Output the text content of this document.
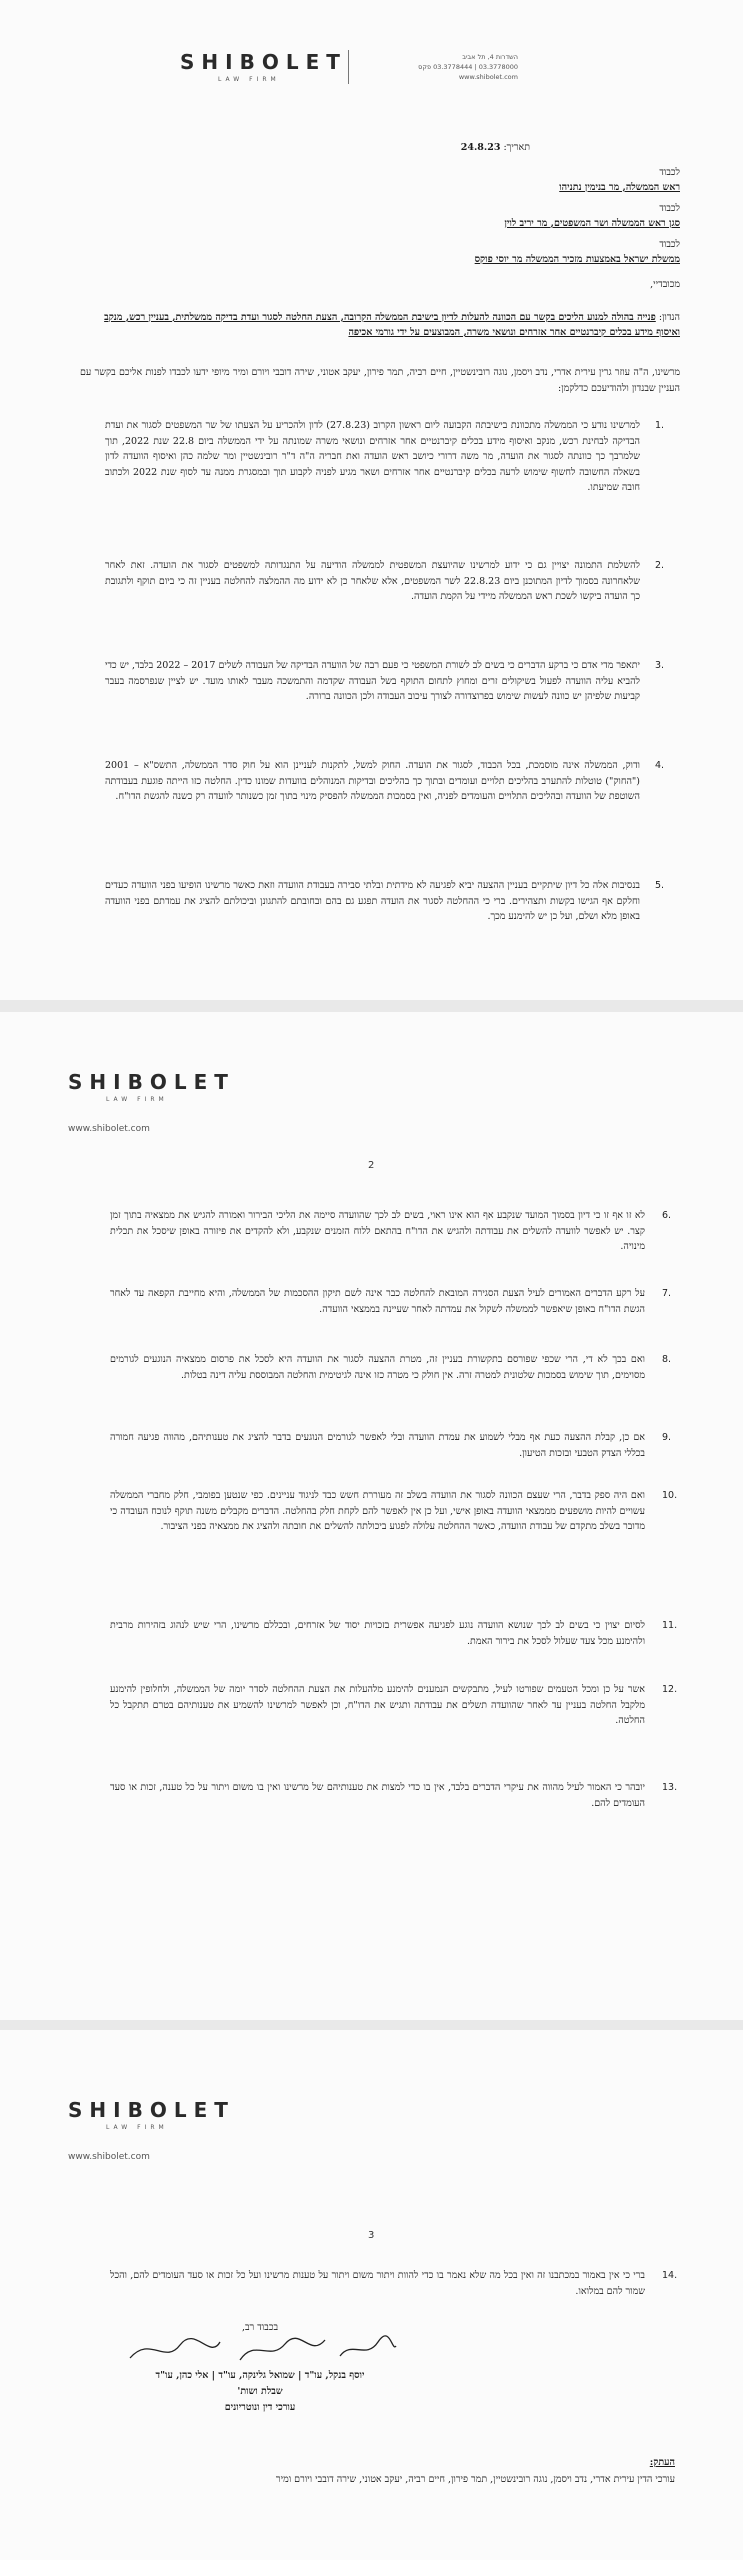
SHIBOLET
LAW FIRM
השדרות 4, תל אביב
03.3778000 | 03.3778444 פקס
www.shibolet.com
תאריך: 24.8.23
לכבוד
ראש הממשלה, מר בנימין נתניהו
לכבוד
סגן ראש הממשלה ושר המשפטים, מר יריב לוין
לכבוד
ממשלת ישראל באמצעות מזכיר הממשלה מר יוסי פוקס
מכובדיי,
הנדון: פנייה בהולה למנוע הליכים בקשר עם הכוונה להעלות לדיון בישיבת הממשלה הקרובה, הצעת החלטה לסגור ועדת בדיקה ממשלתית, בעניין רכש, מנקב ואיסוף מידע בכלים קיברנטיים אחר אזרחים ונושאי משרה, המבוצעים על ידי גורמי אכיפה
מרשינו, ה"ה עוזר גרין עירית אדרי, נדב ויסמן, נוגה רובינשטיין, חיים רביה, תמר פירון, יעקב אטוני, שירה דובבי ויורם ומיר מיופי ידעו לכבדו לפנות אליכם בקשר עם העניין שבנדון ולהודיעכם כדלקמן:
1.
למרשינו נודע כי הממשלה מתכוונת בישיבתה הקבועה ליום ראשון הקרוב (27.8.23) לדון ולהכריע על הצעתו של שר המשפטים לסגור את ועדת הבדיקה לבחינת רכש, מנקב ואיסוף מידע בכלים קיברנטיים אחר אזרחים ונושאי משרה שמונתה על ידי הממשלה ביום 22.8 שנת 2022, תוך שלמרבך כך כוונתה לסגור את הועדה, מר משה דרורי כיושב ראש הועדה ואת חבריה ה"ה ד"ר רובינשטיין ומר שלמה כהן ואיסוף הוועדה לדון בשאלה החשובה לחשוף שימוש לרעה בכלים קיברנטיים אחר אזרחים ושאר מגיע לפניה לקבוע תוך ובמסגרת ממנה עד לסוף שנת 2022 ולכתוב חובה שמיעתו.
2.
להשלמת התמונה יצויין גם כי ידוע למרשינו שהיועצת המשפטית לממשלה הודיעה על התנגדותה למשפטים לסגור את הועדה. זאת לאחר שלאחרונה בסמוך לדיון המתוכנן ביום 22.8.23 לשר המשפטים, אלא שלאחר כן לא ידוע מה ההמלצה להחלטה בעניין זה כי ביום תוקף ולתגובת כך הועדה ביקשו לשכת ראש הממשלה מיידי על הקמת הועדה.
3.
יתאפר מדי אדם כי ברקע הדברים כי בשים לב לשורת המשפטי כי פעם רבה של הוועדה הבדיקה של העבודה לשלים 2017 – 2022 בלבד, יש כדי להביא עליה הוועדה לפעול בשיקולים זרים ומחוץ לתחום התוקף בשל העבודה שקדמה והתמשכה מעבר לאותו מועד. יש לציין שנפרסמה בעבר קביעות שלפיהן יש כוונה לעשות שימוש בפרוצדורה לצורך עיכוב העבודה ולכן הכוונה ברורה.
4.
ודוק, הממשלה אינה מוסמכת, בכל הכבוד, לסגור את הועדה. החוק למשל, לתקנות לעניינן הוא על חוק סדר הממשלה, התשס"א – 2001 ("החוק") טוטלות להתערב בהליכים תלויים ועומדים ובתוך כך בהליכים ובדיקות המנוהלים בוועדות שמונו כדין. החלטה כזו הייתה פוגעת בעבודתה השוטפת של הוועדה ובהליכים התלויים והעומדים לפניה, ואין בסמכות הממשלה להפסיק מינוי בתוך זמן כשנותר לוועדה רק כשנה להגשת הדו"ח.
5.
בנסיבות אלה כל דיון שיתקיים בעניין ההצעה יביא לפגיעה לא מידתית ובלתי סבירה בעבודת הוועדה וזאת כאשר מרשינו הופיעו בפני הוועדה כעדים וחלקם אף הגישו בקשות ותצהירים. ברי כי ההחלטה לסגור את הועדה תפגע גם בהם ובחובתם להתגונן וביכולתם להציג את עמדתם בפני הוועדה באופן מלא ושלם, ועל כן יש להימנע מכך.
SHIBOLET
LAW FIRM
www.shibolet.com
2
6.
לא זו אף זו כי דיון בסמוך המועד שנקבע אף הוא אינו ראוי, בשים לב לכך שהוועדה סיימה את הליכי הבירור ואמורה להגיש את ממצאיה בתוך זמן קצר. יש לאפשר לוועדה להשלים את עבודתה ולהגיש את הדו"ח בהתאם ללוח הזמנים שנקבע, ולא להקדים את פיזורה באופן שיסכל את תכלית מינויה.
7.
על רקע הדברים האמורים לעיל הצעת הסגירה המובאת להחלטה כבר אינה לשם תיקון ההסכמות של הממשלה, והיא מחייבת הקפאה עד לאחר הגשת הדו"ח באופן שיאפשר לממשלה לשקול את עמדתה לאחר שעיינה בממצאי הוועדה.
8.
ואם בכך לא די, הרי שכפי שפורסם בתקשורת בעניין זה, מטרת ההצעה לסגור את הוועדה היא לסכל את פרסום ממצאיה הנוגעים לגורמים מסוימים, תוך שימוש בסמכות שלטונית למטרה זרה. אין חולק כי מטרה כזו אינה לגיטימית והחלטה המבוססת עליה דינה בטלות.
9.
אם כן, קבלת ההצעה כעת אף מבלי לשמוע את עמדת הוועדה ובלי לאפשר לגורמים הנוגעים בדבר להציג את טענותיהם, מהווה פגיעה חמורה בכללי הצדק הטבעי ובזכות הטיעון.
10.
ואם היה ספק בדבר, הרי שעצם הכוונה לסגור את הוועדה בשלב זה מעוררת חשש כבד לניגוד עניינים. כפי שנטען בפומבי, חלק מחברי הממשלה עשויים להיות מושפעים מממצאי הוועדה באופן אישי, ועל כן אין לאפשר להם לקחת חלק בהחלטה. הדברים מקבלים משנה תוקף לנוכח העובדה כי מדובר בשלב מתקדם של עבודת הוועדה, כאשר ההחלטה עלולה לפגוע ביכולתה להשלים את חובתה ולהציג את ממצאיה בפני הציבור.
11.
לסיום יצוין כי בשים לב לכך שנושא הוועדה נוגע לפגיעה אפשרית בזכויות יסוד של אזרחים, ובכללם מרשינו, הרי שיש לנהוג בזהירות מרבית ולהימנע מכל צעד שעלול לסכל את בירור האמת.
12.
אשר על כן ומכל הטעמים שפורטו לעיל, מתבקשים הנמענים להימנע מלהעלות את הצעת ההחלטה לסדר יומה של הממשלה, ולחלופין להימנע מלקבל החלטה בעניין עד לאחר שהוועדה תשלים את עבודתה ותגיש את הדו"ח, וכן לאפשר למרשינו להשמיע את טענותיהם בטרם תתקבל כל החלטה.
13.
יובהר כי האמור לעיל מהווה את עיקרי הדברים בלבד, אין בו כדי למצות את טענותיהם של מרשינו ואין בו משום ויתור על כל טענה, זכות או סעד העומדים להם.
SHIBOLET
LAW FIRM
www.shibolet.com
3
14.
ברי כי אין באמור במכתבנו זה ואין בכל מה שלא נאמר בו כדי להוות ויתור משום ויתור על טענות מרשינו ועל כל זכות או סעד העומדים להם, והכל שמור להם במלואו.
בכבוד רב,
יוסף בנקל, עו"ד | שמואל גלינקה, עו"ד | אלי כהן, עו"ד
שבלת ושות'
עורכי דין ונוטריונים
העתק:
עורכי הדין עירית אדרי, נדב ויסמן, נוגה רובינשטיין, תמר פירון, חיים רביה, יעקב אטוני, שירה דובבי ויורם ומיר
